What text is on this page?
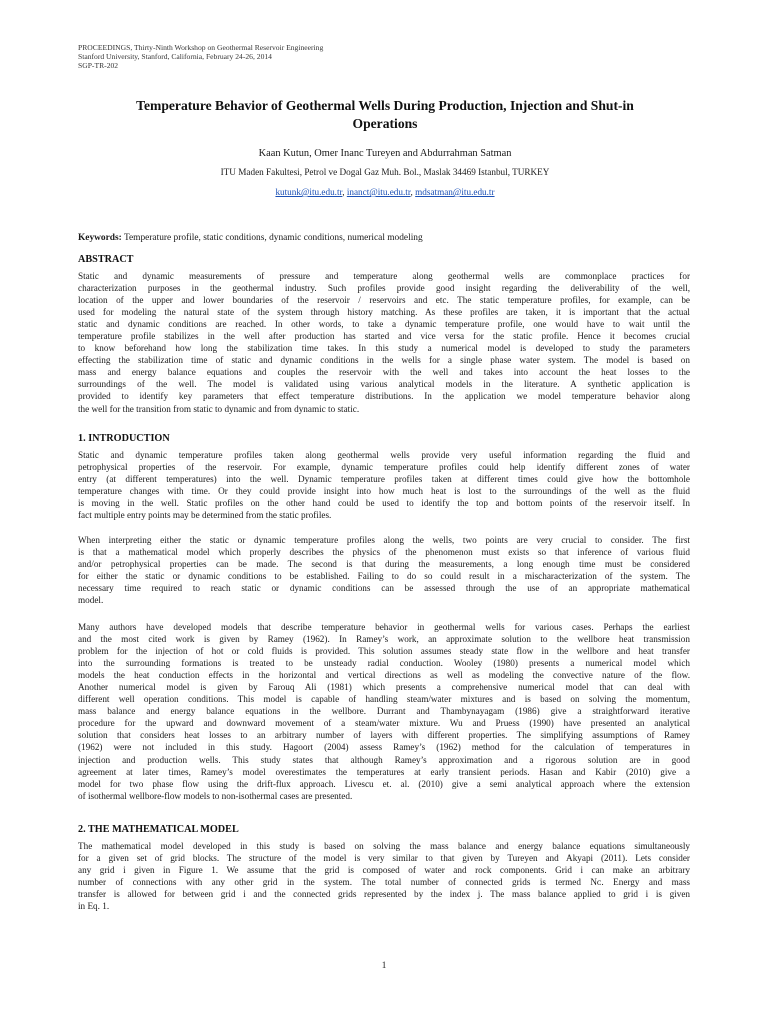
PROCEEDINGS, Thirty-Ninth Workshop on Geothermal Reservoir Engineering
Stanford University, Stanford, California, February 24-26, 2014
SGP-TR-202
Temperature Behavior of Geothermal Wells During Production, Injection and Shut-in
Operations
Kaan Kutun, Omer Inanc Tureyen and Abdurrahman Satman
ITU Maden Fakultesi, Petrol ve Dogal Gaz Muh. Bol., Maslak 34469 Istanbul, TURKEY
kutunk@itu.edu.tr, inanct@itu.edu.tr, mdsatman@itu.edu.tr
Keywords: Temperature profile, static conditions, dynamic conditions, numerical modeling
ABSTRACT
Static and dynamic measurements of pressure and temperature along geothermal wells are commonplace practices for
characterization purposes in the geothermal industry. Such profiles provide good insight regarding the deliverability of the well,
location of the upper and lower boundaries of the reservoir / reservoirs and etc. The static temperature profiles, for example, can be
used for modeling the natural state of the system through history matching. As these profiles are taken, it is important that the actual
static and dynamic conditions are reached. In other words, to take a dynamic temperature profile, one would have to wait until the
temperature profile stabilizes in the well after production has started and vice versa for the static profile. Hence it becomes crucial
to know beforehand how long the stabilization time takes. In this study a numerical model is developed to study the parameters
effecting the stabilization time of static and dynamic conditions in the wells for a single phase water system. The model is based on
mass and energy balance equations and couples the reservoir with the well and takes into account the heat losses to the
surroundings of the well. The model is validated using various analytical models in the literature. A synthetic application is
provided to identify key parameters that effect temperature distributions. In the application we model temperature behavior along
the well for the transition from static to dynamic and from dynamic to static.
1. INTRODUCTION
Static and dynamic temperature profiles taken along geothermal wells provide very useful information regarding the fluid and
petrophysical properties of the reservoir. For example, dynamic temperature profiles could help identify different zones of water
entry (at different temperatures) into the well. Dynamic temperature profiles taken at different times could give how the bottomhole
temperature changes with time. Or they could provide insight into how much heat is lost to the surroundings of the well as the fluid
is moving in the well. Static profiles on the other hand could be used to identify the top and bottom points of the reservoir itself. In
fact multiple entry points may be determined from the static profiles.
When interpreting either the static or dynamic temperature profiles along the wells, two points are very crucial to consider. The first
is that a mathematical model which properly describes the physics of the phenomenon must exists so that inference of various fluid
and/or petrophysical properties can be made. The second is that during the measurements, a long enough time must be considered
for either the static or dynamic conditions to be established. Failing to do so could result in a mischaracterization of the system. The
necessary time required to reach static or dynamic conditions can be assessed through the use of an appropriate mathematical
model.
Many authors have developed models that describe temperature behavior in geothermal wells for various cases. Perhaps the earliest
and the most cited work is given by Ramey (1962). In Ramey’s work, an approximate solution to the wellbore heat transmission
problem for the injection of hot or cold fluids is provided. This solution assumes steady state flow in the wellbore and heat transfer
into the surrounding formations is treated to be unsteady radial conduction. Wooley (1980) presents a numerical model which
models the heat conduction effects in the horizontal and vertical directions as well as modeling the convective nature of the flow.
Another numerical model is given by Farouq Ali (1981) which presents a comprehensive numerical model that can deal with
different well operation conditions. This model is capable of handling steam/water mixtures and is based on solving the momentum,
mass balance and energy balance equations in the wellbore. Durrant and Thambynayagam (1986) give a straightforward iterative
procedure for the upward and downward movement of a steam/water mixture. Wu and Pruess (1990) have presented an analytical
solution that considers heat losses to an arbitrary number of layers with different properties. The simplifying assumptions of Ramey
(1962) were not included in this study. Hagoort (2004) assess Ramey’s (1962) method for the calculation of temperatures in
injection and production wells. This study states that although Ramey’s approximation and a rigorous solution are in good
agreement at later times, Ramey’s model overestimates the temperatures at early transient periods. Hasan and Kabir (2010) give a
model for two phase flow using the drift-flux approach. Livescu et. al. (2010) give a semi analytical approach where the extension
of isothermal wellbore-flow models to non-isothermal cases are presented.
2. THE MATHEMATICAL MODEL
The mathematical model developed in this study is based on solving the mass balance and energy balance equations simultaneously
for a given set of grid blocks. The structure of the model is very similar to that given by Tureyen and Akyapi (2011). Lets consider
any grid i given in Figure 1. We assume that the grid is composed of water and rock components. Grid i can make an arbitrary
number of connections with any other grid in the system. The total number of connected grids is termed Nᴄ. Energy and mass
transfer is allowed for between grid i and the connected grids represented by the index j. The mass balance applied to grid i is given
in Eq. 1.
1
